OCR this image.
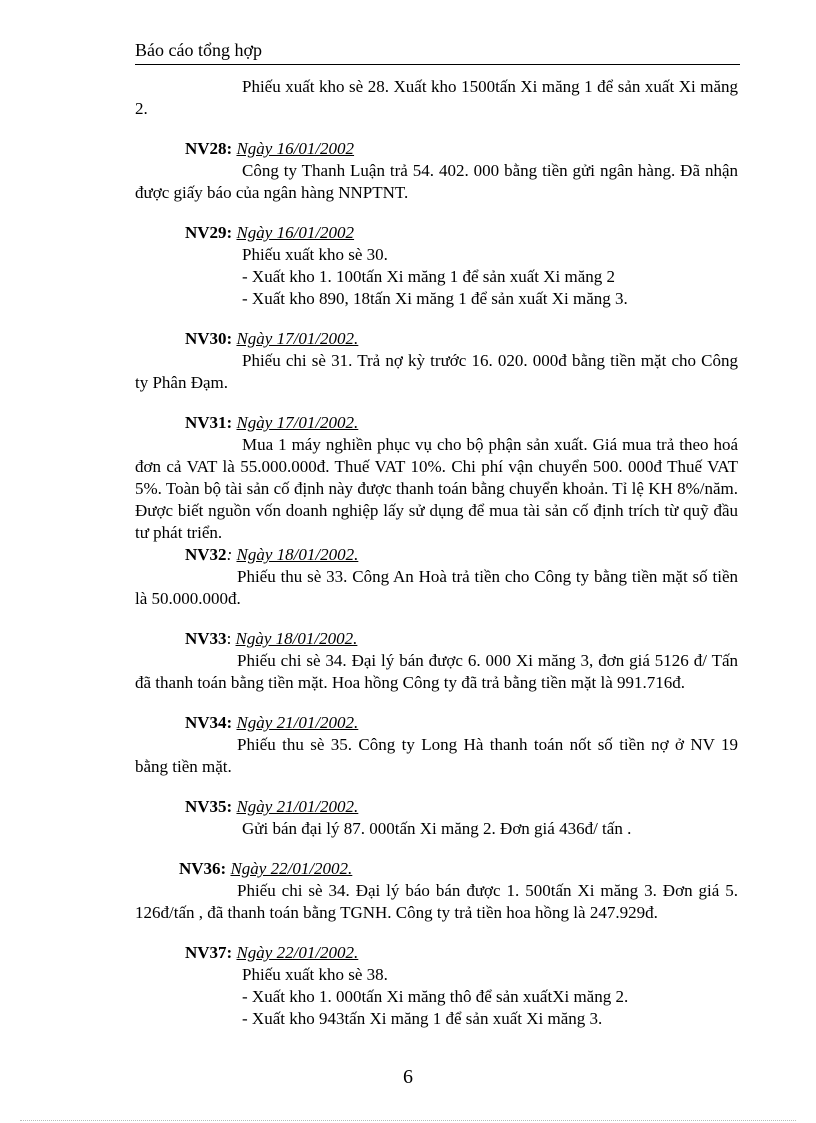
Báo cáo tổng hợp

Phiếu xuất kho sè 28. Xuất kho 1500tấn Xi măng 1 để sản xuất Xi măng 2.

NV28: Ngày 16/01/2002

Công ty Thanh Luận trả 54. 402. 000 bằng tiền gửi ngân hàng. Đã nhận được giấy báo của ngân hàng NNPTNT.

NV29: Ngày 16/01/2002

Phiếu xuất kho sè 30.

- Xuất kho 1. 100tấn Xi măng 1 để sản xuất Xi măng 2

- Xuất kho 890, 18tấn Xi măng 1 để sản xuất Xi măng 3.

NV30: Ngày 17/01/2002.

Phiếu chi sè 31. Trả nợ kỳ trước 16. 020. 000đ bằng tiền mặt cho Công ty Phân Đạm.

NV31: Ngày 17/01/2002.

Mua 1 máy nghiền phục vụ cho bộ phận sản xuất. Giá mua trả theo hoá đơn cả VAT là 55.000.000đ. Thuế VAT 10%. Chi phí vận chuyển 500. 000đ Thuế VAT 5%. Toàn bộ tài sản cố định này được thanh toán bằng chuyển khoản. Tỉ lệ KH 8%/năm. Được biết nguồn vốn doanh nghiệp lấy sử dụng để mua tài sản cố định trích từ quỹ đầu tư phát triển.

NV32: Ngày 18/01/2002.

Phiếu thu sè 33. Công An Hoà trả tiền cho Công ty bằng tiền mặt số tiền là 50.000.000đ.

NV33: Ngày 18/01/2002.

Phiếu chi sè 34. Đại lý bán được 6. 000 Xi măng 3, đơn giá 5126 đ/ Tấn đã thanh toán bằng tiền mặt. Hoa hồng Công ty đã trả bằng tiền mặt là 991.716đ.

NV34: Ngày 21/01/2002.

Phiếu thu sè 35. Công ty Long Hà thanh toán nốt số tiền nợ ở NV 19 bằng tiền mặt.

NV35: Ngày 21/01/2002.

Gửi bán đại lý 87. 000tấn Xi măng 2. Đơn giá 436đ/ tấn .

NV36: Ngày 22/01/2002.

Phiếu chi sè 34. Đại lý báo bán được 1. 500tấn Xi măng 3. Đơn giá 5. 126đ/tấn , đã thanh toán bằng TGNH. Công ty trả tiền hoa hồng là 247.929đ.

NV37: Ngày 22/01/2002.

Phiếu xuất kho sè 38.

- Xuất kho 1. 000tấn Xi măng thô để sản xuấtXi măng 2.

- Xuất kho 943tấn Xi măng 1 để sản xuất Xi măng 3.

6
